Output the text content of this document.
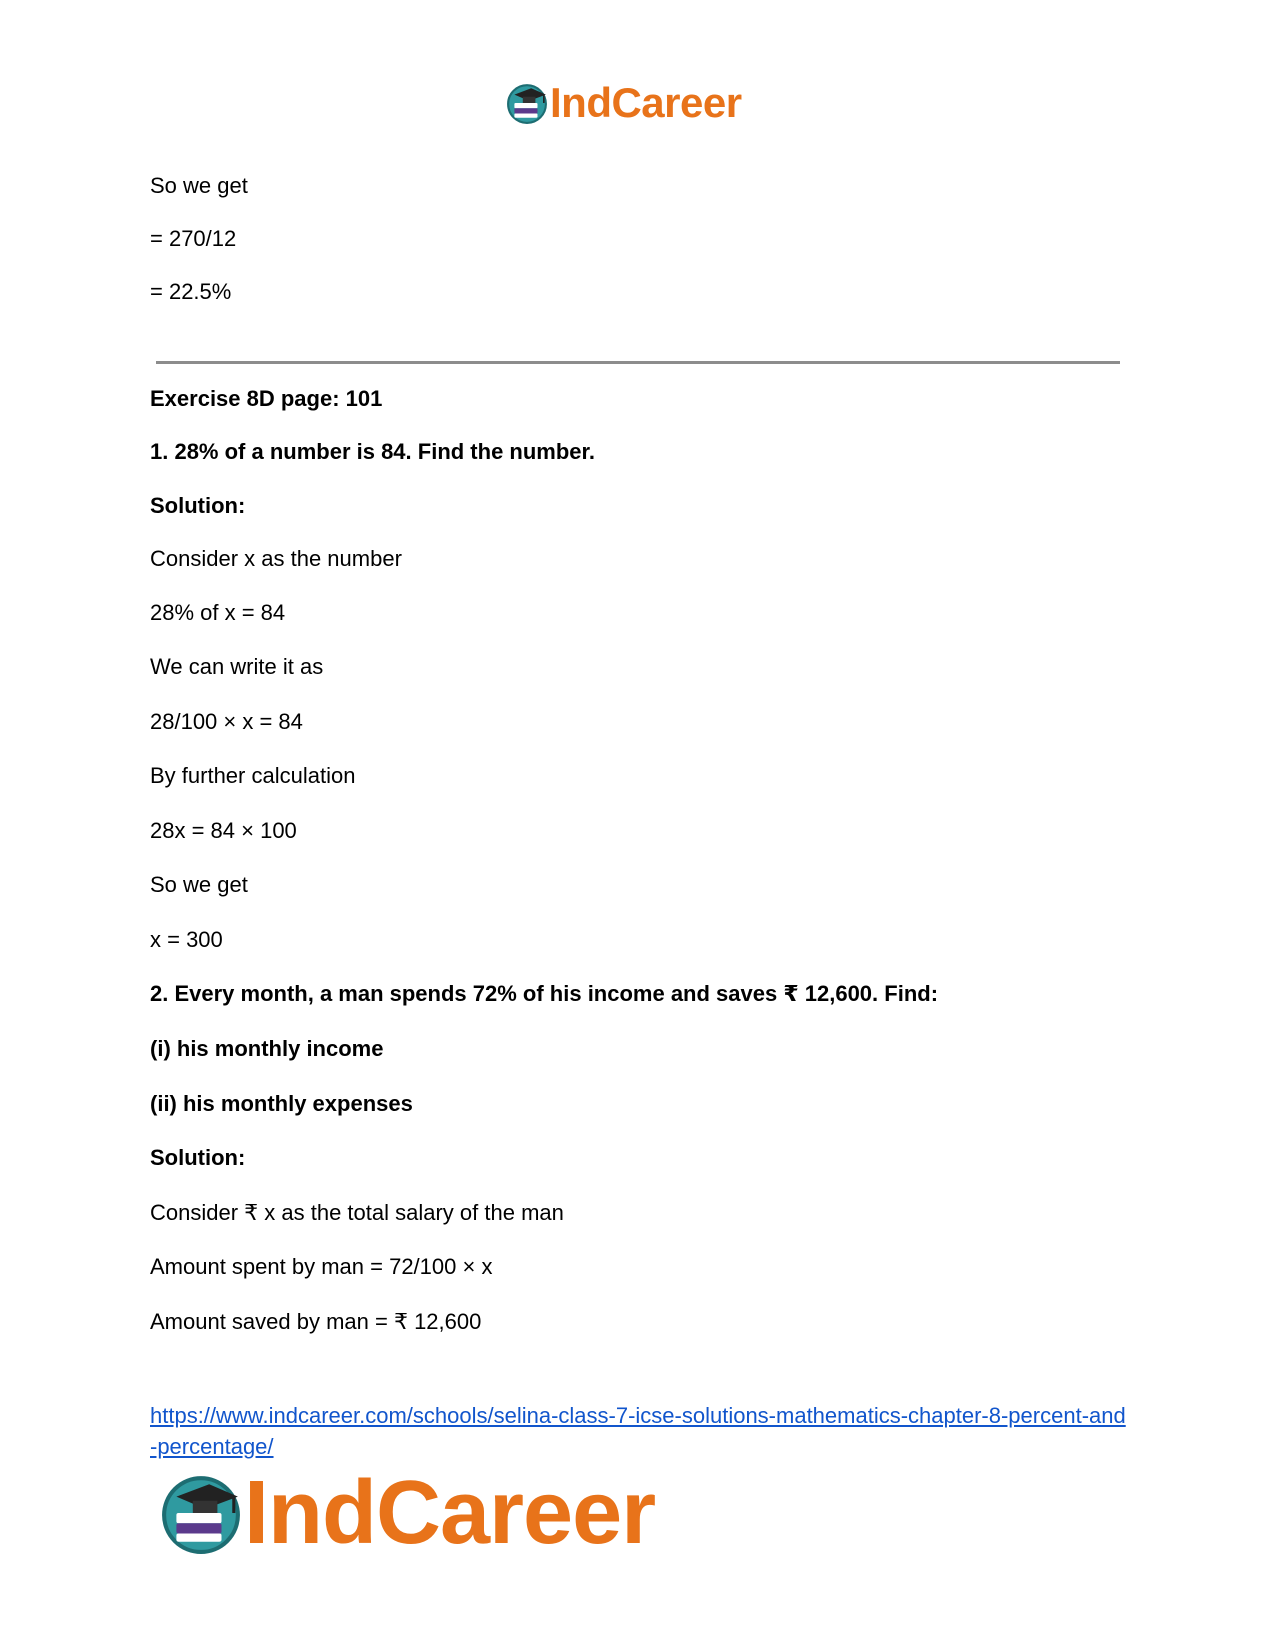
IndCareer
So we get
= 270/12
= 22.5%
Exercise 8D page: 101
1. 28% of a number is 84. Find the number.
Solution:
Consider x as the number
28% of x = 84
We can write it as
28/100 × x = 84
By further calculation
28x = 84 × 100
So we get
x = 300
2. Every month, a man spends 72% of his income and saves ₹ 12,600. Find:
(i) his monthly income
(ii) his monthly expenses
Solution:
Consider ₹ x as the total salary of the man
Amount spent by man = 72/100 × x
Amount saved by man = ₹ 12,600
https://www.indcareer.com/schools/selina-class-7-icse-solutions-mathematics-chapter-8-percent-and-percentage/
IndCareer
